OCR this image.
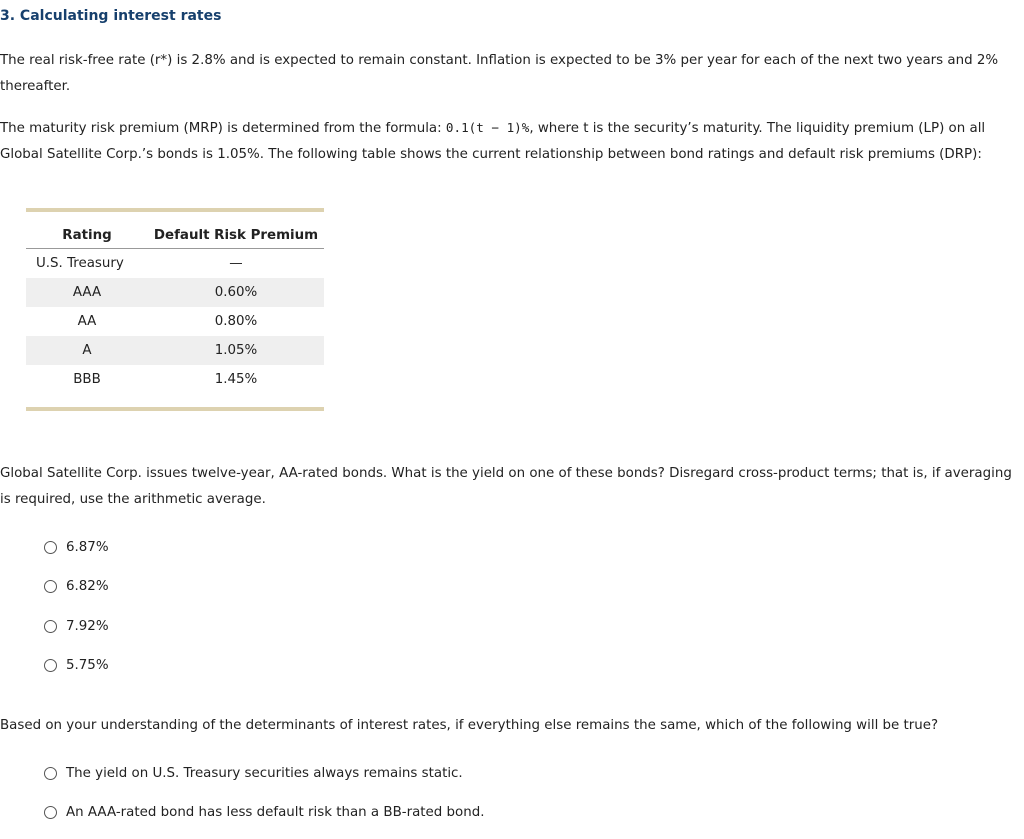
3. Calculating interest rates
The real risk-free rate (r*) is 2.8% and is expected to remain constant. Inflation is expected to be 3% per year for each of the next two years and 2%
thereafter.
The maturity risk premium (MRP) is determined from the formula: 0.1(t − 1)%, where t is the security’s maturity. The liquidity premium (LP) on all
Global Satellite Corp.’s bonds is 1.05%. The following table shows the current relationship between bond ratings and default risk premiums (DRP):
Rating	Default Risk Premium
U.S. Treasury	—
AAA	0.60%
AA	0.80%
A	1.05%
BBB	1.45%

Global Satellite Corp. issues twelve-year, AA-rated bonds. What is the yield on one of these bonds? Disregard cross-product terms; that is, if averaging
is required, use the arithmetic average.
6.87%
6.82%
7.92%
5.75%
Based on your understanding of the determinants of interest rates, if everything else remains the same, which of the following will be true?
The yield on U.S. Treasury securities always remains static.
An AAA-rated bond has less default risk than a BB-rated bond.
